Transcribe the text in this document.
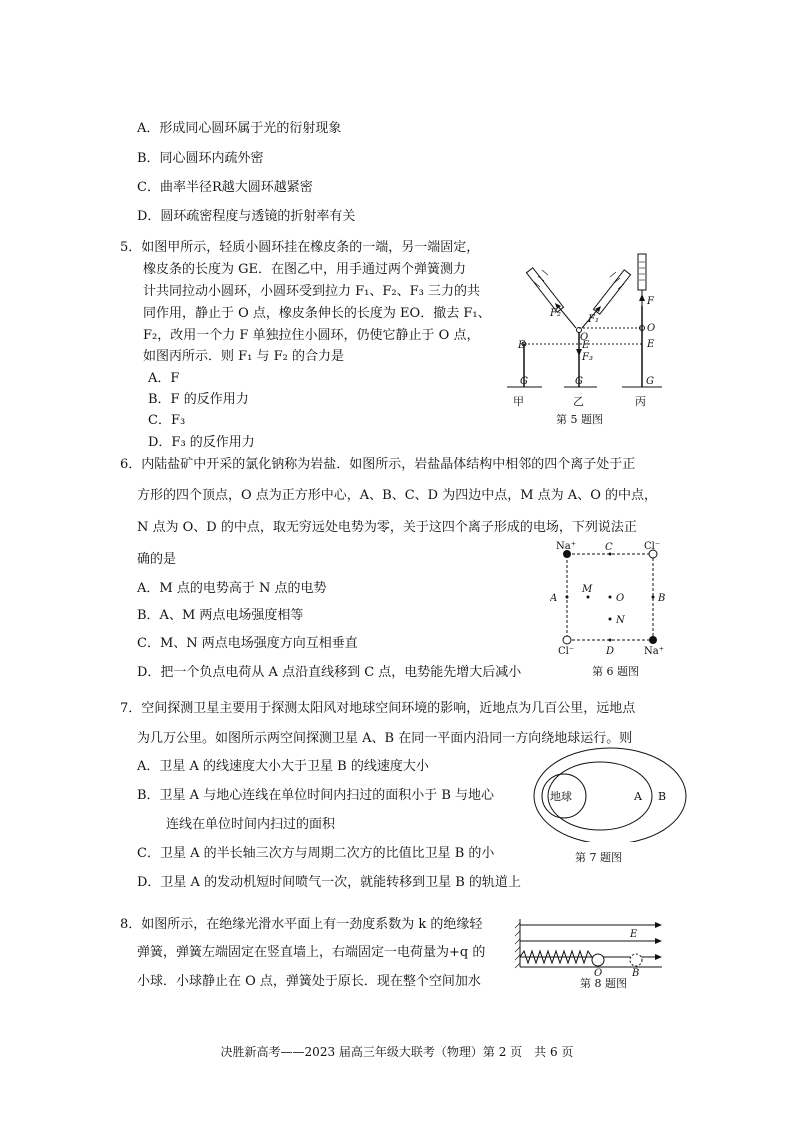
A．形成同心圆环属于光的衍射现象
B．同心圆环内疏外密
C．曲率半径R越大圆环越紧密
D．圆环疏密程度与透镜的折射率有关
5．如图甲所示，轻质小圆环挂在橡皮条的一端，另一端固定，
橡皮条的长度为 GE．在图乙中，用手通过两个弹簧测力
计共同拉动小圆环，小圆环受到拉力 F₁、F₂、F₃ 三力的共
同作用，静止于 O 点，橡皮条伸长的长度为 EO．撤去 F₁、
F₂，改用一个力 F 单独拉住小圆环，仍使它静止于 O 点，
如图丙所示．则 F₁ 与 F₂ 的合力是
A．F
B．F 的反作用力
C．F₃
D．F₃ 的反作用力
G	G	G
E	E	E
O
O
F
F₂
F₁
F₃
甲	乙	丙
第 5 题图
6．内陆盐矿中开采的氯化钠称为岩盐．如图所示，岩盐晶体结构中相邻的四个离子处于正
方形的四个顶点，O 点为正方形中心，A、B、C、D 为四边中点，M 点为 A、O 的中点，
N 点为 O、D 的中点，取无穷远处电势为零，关于这四个离子形成的电场，下列说法正
确的是
A．M 点的电势高于 N 点的电势
B．A、M 两点电场强度相等
C．M、N 两点电场强度方向互相垂直
D．把一个负点电荷从 A 点沿直线移到 C 点，电势能先增大后减小
C
D
A	B
O
M
N
Na⁺	Cl⁻
Cl⁻	Na⁺
第 6 题图
7．空间探测卫星主要用于探测太阳风对地球空间环境的影响，近地点为几百公里，远地点
为几万公里。如图所示两空间探测卫星 A、B 在同一平面内沿同一方向绕地球运行。则
A．卫星 A 的线速度大小大于卫星 B 的线速度大小
B．卫星 A 与地心连线在单位时间内扫过的面积小于 B 与地心
连线在单位时间内扫过的面积
C．卫星 A 的半长轴三次方与周期二次方的比值比卫星 B 的小
D．卫星 A 的发动机短时间喷气一次，就能转移到卫星 B 的轨道上
地球	A B
第 7 题图
8．如图所示，在绝缘光滑水平面上有一劲度系数为 k 的绝缘轻
弹簧，弹簧左端固定在竖直墙上，右端固定一电荷量为+q 的
小球．小球静止在 O 点，弹簧处于原长．现在整个空间加水
E
O	B
第 8 题图
决胜新高考——2023 届高三年级大联考（物理）第 2 页　共 6 页
